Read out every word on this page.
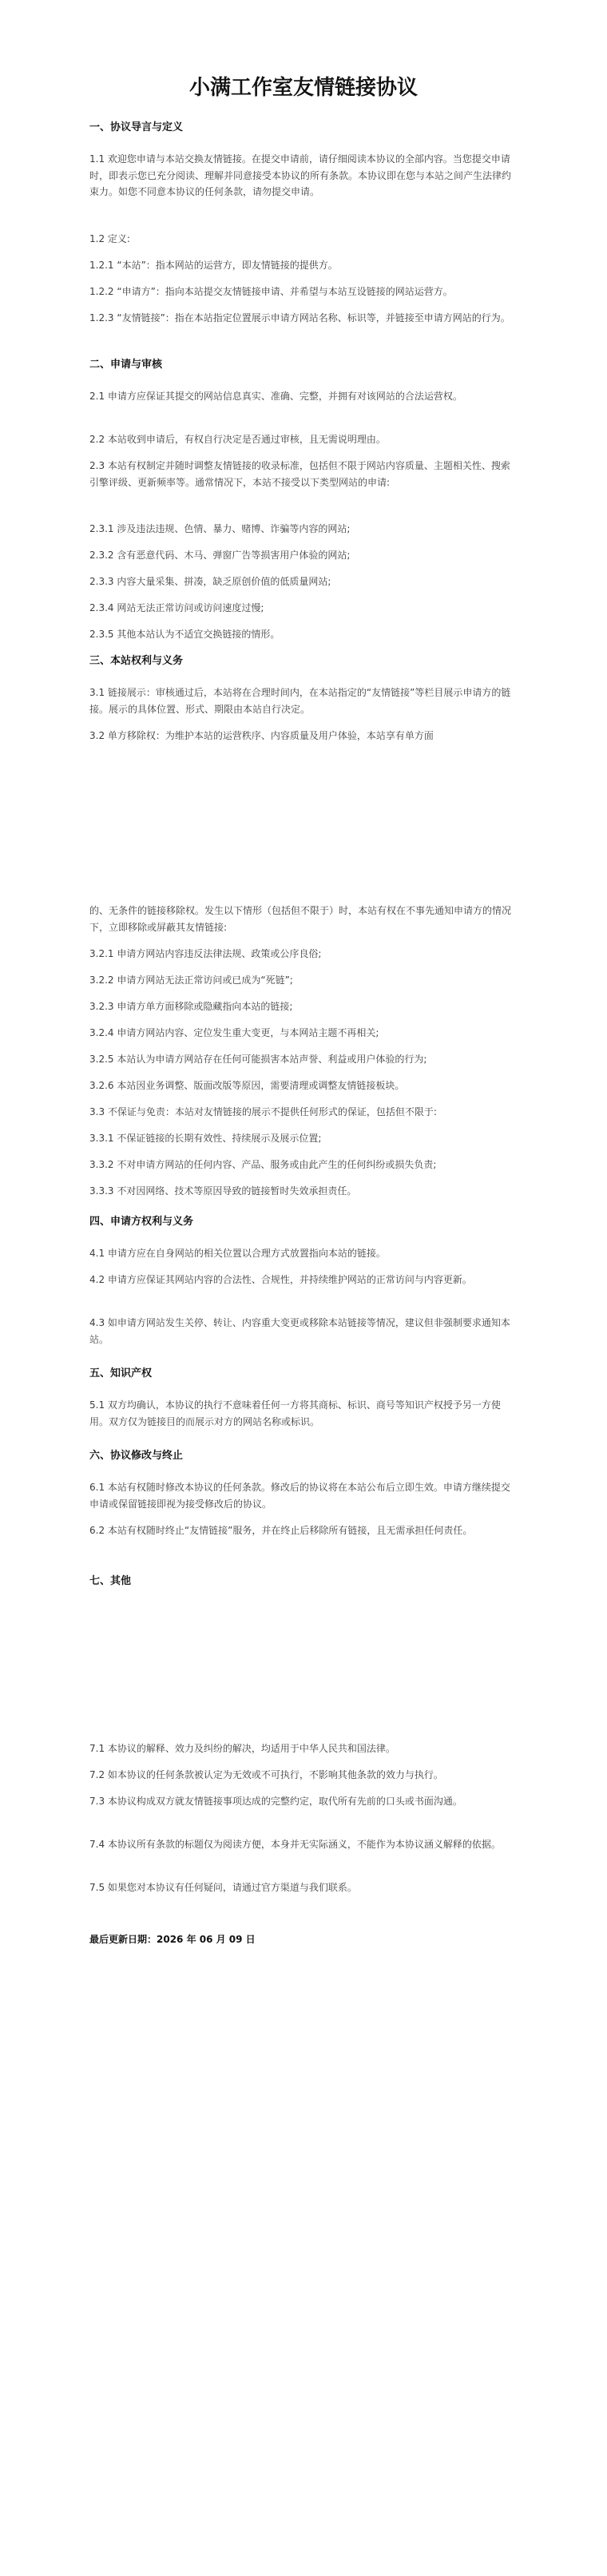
小满工作室友情链接协议
一、协议导言与定义
1.1 欢迎您申请与本站交换友情链接。在提交申请前，请仔细阅读本协议的全部内容。当您提交申请时，即表示您已充分阅读、理解并同意接受本协议的所有条款。本协议即在您与本站之间产生法律约束力。如您不同意本协议的任何条款，请勿提交申请。
1.2 定义:
1.2.1 “本站”：指本网站的运营方，即友情链接的提供方。
1.2.2 “申请方”：指向本站提交友情链接申请、并希望与本站互设链接的网站运营方。
1.2.3 “友情链接”：指在本站指定位置展示申请方网站名称、标识等，并链接至申请方网站的行为。
二、申请与审核
2.1 申请方应保证其提交的网站信息真实、准确、完整，并拥有对该网站的合法运营权。
2.2 本站收到申请后，有权自行决定是否通过审核，且无需说明理由。
2.3 本站有权制定并随时调整友情链接的收录标准，包括但不限于网站内容质量、主题相关性、搜索引擎评级、更新频率等。通常情况下，本站不接受以下类型网站的申请:
2.3.1 涉及违法违规、色情、暴力、赌博、诈骗等内容的网站;
2.3.2 含有恶意代码、木马、弹窗广告等损害用户体验的网站;
2.3.3 内容大量采集、拼凑，缺乏原创价值的低质量网站;
2.3.4 网站无法正常访问或访问速度过慢;
2.3.5 其他本站认为不适宜交换链接的情形。
三、本站权利与义务
3.1 链接展示：审核通过后，本站将在合理时间内，在本站指定的“友情链接”等栏目展示申请方的链接。展示的具体位置、形式、期限由本站自行决定。
3.2 单方移除权：为维护本站的运营秩序、内容质量及用户体验，本站享有单方面
的、无条件的链接移除权。发生以下情形（包括但不限于）时，本站有权在不事先通知申请方的情况下，立即移除或屏蔽其友情链接:
3.2.1 申请方网站内容违反法律法规、政策或公序良俗;
3.2.2 申请方网站无法正常访问或已成为“死链”;
3.2.3 申请方单方面移除或隐藏指向本站的链接;
3.2.4 申请方网站内容、定位发生重大变更，与本网站主题不再相关;
3.2.5 本站认为申请方网站存在任何可能损害本站声誉、利益或用户体验的行为;
3.2.6 本站因业务调整、版面改版等原因，需要清理或调整友情链接板块。
3.3 不保证与免责：本站对友情链接的展示不提供任何形式的保证，包括但不限于:
3.3.1 不保证链接的长期有效性、持续展示及展示位置;
3.3.2 不对申请方网站的任何内容、产品、服务或由此产生的任何纠纷或损失负责;
3.3.3 不对因网络、技术等原因导致的链接暂时失效承担责任。
四、申请方权利与义务
4.1 申请方应在自身网站的相关位置以合理方式放置指向本站的链接。
4.2 申请方应保证其网站内容的合法性、合规性，并持续维护网站的正常访问与内容更新。
4.3 如申请方网站发生关停、转让、内容重大变更或移除本站链接等情况，建议但非强制要求通知本站。
五、知识产权
5.1 双方均确认，本协议的执行不意味着任何一方将其商标、标识、商号等知识产权授予另一方使用。双方仅为链接目的而展示对方的网站名称或标识。
六、协议修改与终止
6.1 本站有权随时修改本协议的任何条款。修改后的协议将在本站公布后立即生效。申请方继续提交申请或保留链接即视为接受修改后的协议。
6.2 本站有权随时终止“友情链接”服务，并在终止后移除所有链接，且无需承担任何责任。
七、其他
7.1 本协议的解释、效力及纠纷的解决，均适用于中华人民共和国法律。
7.2 如本协议的任何条款被认定为无效或不可执行，不影响其他条款的效力与执行。
7.3 本协议构成双方就友情链接事项达成的完整约定，取代所有先前的口头或书面沟通。
7.4 本协议所有条款的标题仅为阅读方便，本身并无实际涵义，不能作为本协议涵义解释的依据。
7.5 如果您对本协议有任何疑问，请通过官方渠道与我们联系。
最后更新日期：2026 年 06 月 09 日
